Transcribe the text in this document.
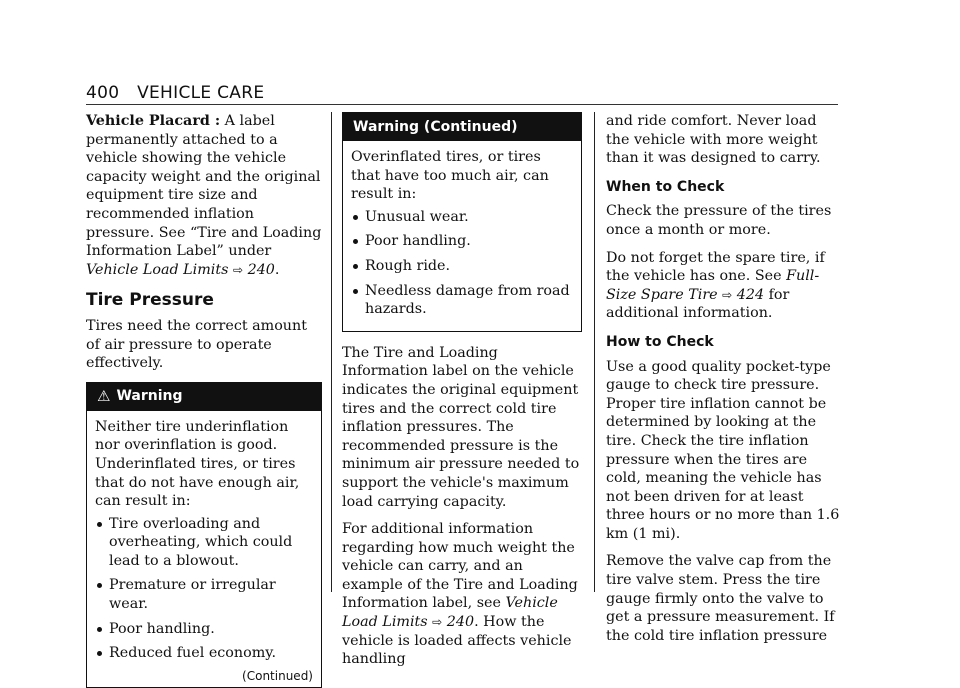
400 VEHICLE CARE

Vehicle Placard : A label permanently attached to a vehicle showing the vehicle capacity weight and the original equipment tire size and recommended inflation pressure. See “Tire and Loading Information Label” under Vehicle Load Limits ⇨ 240.

Tire Pressure

Tires need the correct amount of air pressure to operate effectively.

⚠ Warning
Neither tire underinflation nor overinflation is good. Underinflated tires, or tires that do not have enough air, can result in:
Tire overloading and overheating, which could lead to a blowout.
Premature or irregular wear.
Poor handling.
Reduced fuel economy.
(Continued)
Warning (Continued)
Overinflated tires, or tires that have too much air, can result in:
Unusual wear.
Poor handling.
Rough ride.
Needless damage from road hazards.

The Tire and Loading Information label on the vehicle indicates the original equipment tires and the correct cold tire inflation pressures. The recommended pressure is the minimum air pressure needed to support the vehicle's maximum load carrying capacity.

For additional information regarding how much weight the vehicle can carry, and an example of the Tire and Loading Information label, see Vehicle Load Limits ⇨ 240. How the vehicle is loaded affects vehicle handling

and ride comfort. Never load the vehicle with more weight than it was designed to carry.

When to Check

Check the pressure of the tires once a month or more.

Do not forget the spare tire, if the vehicle has one. See Full-Size Spare Tire ⇨ 424 for additional information.

How to Check

Use a good quality pocket-type gauge to check tire pressure. Proper tire inflation cannot be determined by looking at the tire. Check the tire inflation pressure when the tires are cold, meaning the vehicle has not been driven for at least three hours or no more than 1.6 km (1 mi).

Remove the valve cap from the tire valve stem. Press the tire gauge firmly onto the valve to get a pressure measurement. If the cold tire inflation pressure
